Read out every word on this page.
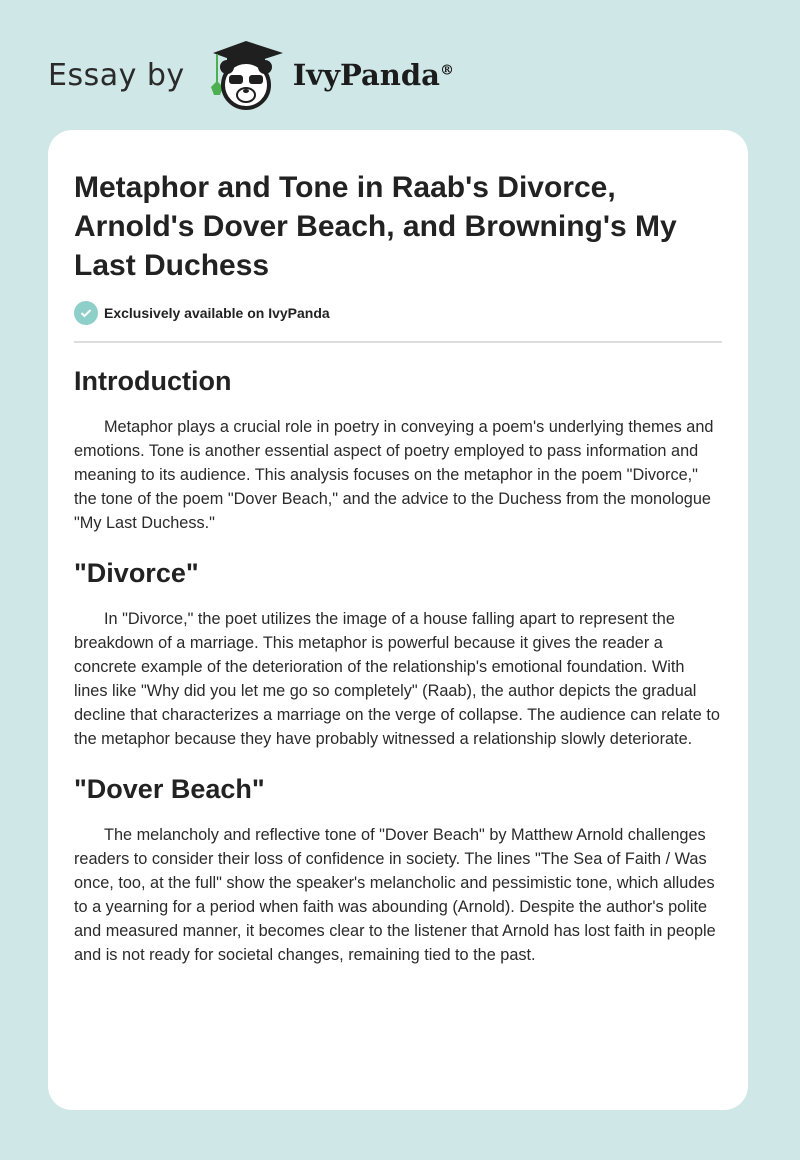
Essay by	IvyPanda®
Metaphor and Tone in Raab's Divorce, Arnold's Dover Beach, and Browning's My Last Duchess
Exclusively available on IvyPanda
Introduction

Metaphor plays a crucial role in poetry in conveying a poem's underlying themes and emotions. Tone is another essential aspect of poetry employed to pass information and meaning to its audience. This analysis focuses on the metaphor in the poem "Divorce," the tone of the poem "Dover Beach," and the advice to the Duchess from the monologue "My Last Duchess."

"Divorce"

In "Divorce," the poet utilizes the image of a house falling apart to represent the breakdown of a marriage. This metaphor is powerful because it gives the reader a concrete example of the deterioration of the relationship's emotional foundation. With lines like "Why did you let me go so completely" (Raab), the author depicts the gradual decline that characterizes a marriage on the verge of collapse. The audience can relate to the metaphor because they have probably witnessed a relationship slowly deteriorate.

"Dover Beach"

The melancholy and reflective tone of "Dover Beach" by Matthew Arnold challenges readers to consider their loss of confidence in society. The lines "The Sea of Faith / Was once, too, at the full" show the speaker's melancholic and pessimistic tone, which alludes to a yearning for a period when faith was abounding (Arnold). Despite the author's polite and measured manner, it becomes clear to the listener that Arnold has lost faith in people and is not ready for societal changes, remaining tied to the past.
